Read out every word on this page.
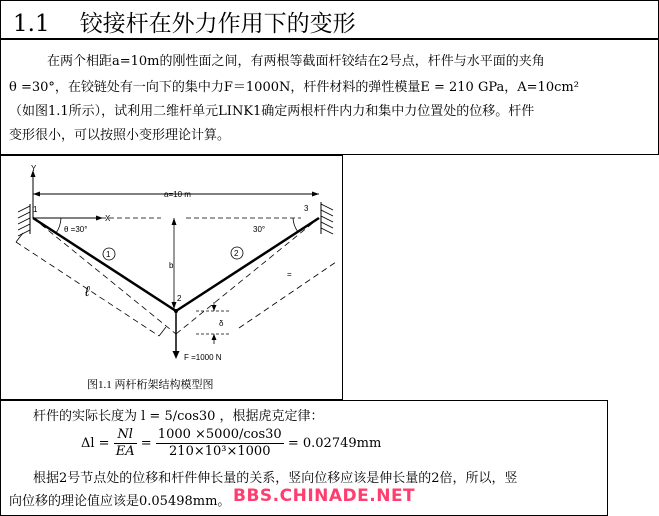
1.1 铰接杆在外力作用下的变形
在两个相距a=10m的刚性面之间，有两根等截面杆铰结在2号点，杆件与水平面的夹角
θ =30°，在铰链处有一向下的集中力F＝1000N，杆件材料的弹性模量E = 210 GPa，A=10cm²
（如图1.1所示），试利用二维杆单元LINK1确定两根杆件内力和集中力位置处的位移。杆件
变形很小，可以按照小变形理论计算。
Y
X
a=10 m
1	3
2
ℓ
θ =30°	30°
1	2
b
δ
=
F =1000 N
图1.1 两杆桁架结构模型图
杆件的实际长度为 l = 5/cos30 ，根据虎克定律：
$\Delta l = \frac{Nl}{EA} = \frac{1000 \times 5000/\cos 30}{\text{210×10³×1000}} = 0.02749mm$
根据2号节点处的位移和杆件伸长量的关系，竖向位移应该是伸长量的2倍，所以，竖
向位移的理论值应该是0.05498mm。 BBS.CHINADE.NET
